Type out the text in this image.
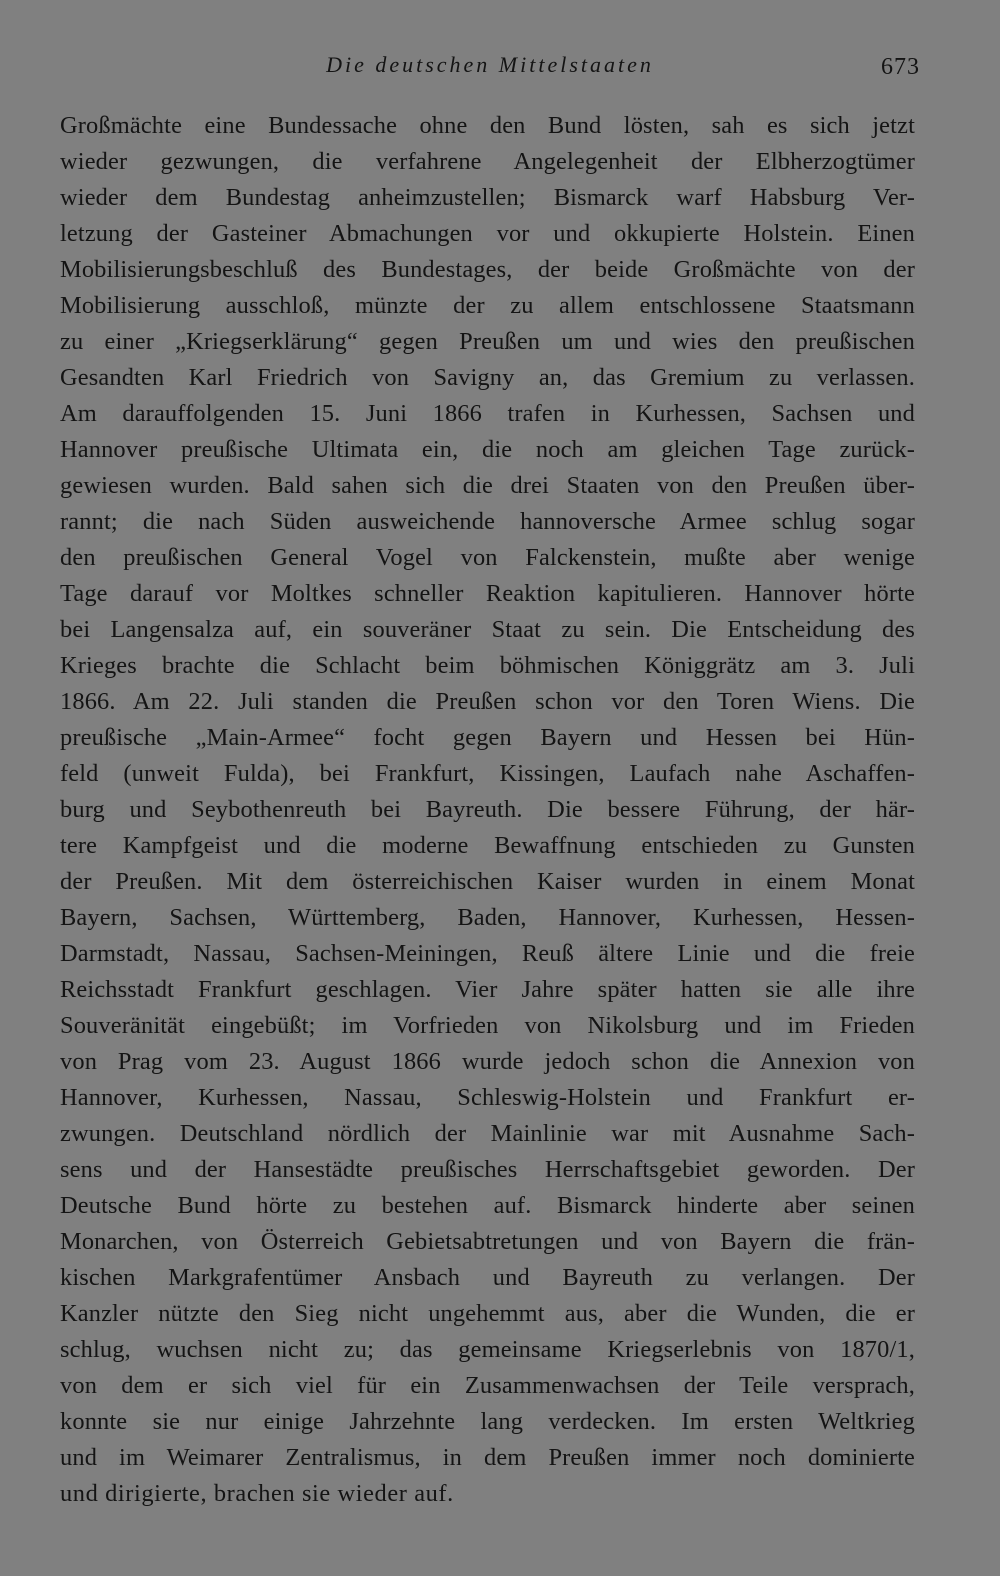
Die deutschen Mittelstaaten	673
Großmächte eine Bundessache ohne den Bund lösten, sah es sich jetzt
wieder gezwungen, die verfahrene Angelegenheit der Elbherzogtümer
wieder dem Bundestag anheimzustellen; Bismarck warf Habsburg Ver-
letzung der Gasteiner Abmachungen vor und okkupierte Holstein. Einen
Mobilisierungsbeschluß des Bundestages, der beide Großmächte von der
Mobilisierung ausschloß, münzte der zu allem entschlossene Staatsmann
zu einer „Kriegserklärung“ gegen Preußen um und wies den preußischen
Gesandten Karl Friedrich von Savigny an, das Gremium zu verlassen.
Am darauffolgenden 15. Juni 1866 trafen in Kurhessen, Sachsen und
Hannover preußische Ultimata ein, die noch am gleichen Tage zurück-
gewiesen wurden. Bald sahen sich die drei Staaten von den Preußen über-
rannt; die nach Süden ausweichende hannoversche Armee schlug sogar
den preußischen General Vogel von Falckenstein, mußte aber wenige
Tage darauf vor Moltkes schneller Reaktion kapitulieren. Hannover hörte
bei Langensalza auf, ein souveräner Staat zu sein. Die Entscheidung des
Krieges brachte die Schlacht beim böhmischen Königgrätz am 3. Juli
1866. Am 22. Juli standen die Preußen schon vor den Toren Wiens. Die
preußische „Main-Armee“ focht gegen Bayern und Hessen bei Hün-
feld (unweit Fulda), bei Frankfurt, Kissingen, Laufach nahe Aschaffen-
burg und Seybothenreuth bei Bayreuth. Die bessere Führung, der här-
tere Kampfgeist und die moderne Bewaffnung entschieden zu Gunsten
der Preußen. Mit dem österreichischen Kaiser wurden in einem Monat
Bayern, Sachsen, Württemberg, Baden, Hannover, Kurhessen, Hessen-
Darmstadt, Nassau, Sachsen-Meiningen, Reuß ältere Linie und die freie
Reichsstadt Frankfurt geschlagen. Vier Jahre später hatten sie alle ihre
Souveränität eingebüßt; im Vorfrieden von Nikolsburg und im Frieden
von Prag vom 23. August 1866 wurde jedoch schon die Annexion von
Hannover, Kurhessen, Nassau, Schleswig-Holstein und Frankfurt er-
zwungen. Deutschland nördlich der Mainlinie war mit Ausnahme Sach-
sens und der Hansestädte preußisches Herrschaftsgebiet geworden. Der
Deutsche Bund hörte zu bestehen auf. Bismarck hinderte aber seinen
Monarchen, von Österreich Gebietsabtretungen und von Bayern die frän-
kischen Markgrafentümer Ansbach und Bayreuth zu verlangen. Der
Kanzler nützte den Sieg nicht ungehemmt aus, aber die Wunden, die er
schlug, wuchsen nicht zu; das gemeinsame Kriegserlebnis von 1870/1,
von dem er sich viel für ein Zusammenwachsen der Teile versprach,
konnte sie nur einige Jahrzehnte lang verdecken. Im ersten Weltkrieg
und im Weimarer Zentralismus, in dem Preußen immer noch dominierte
und dirigierte, brachen sie wieder auf.
